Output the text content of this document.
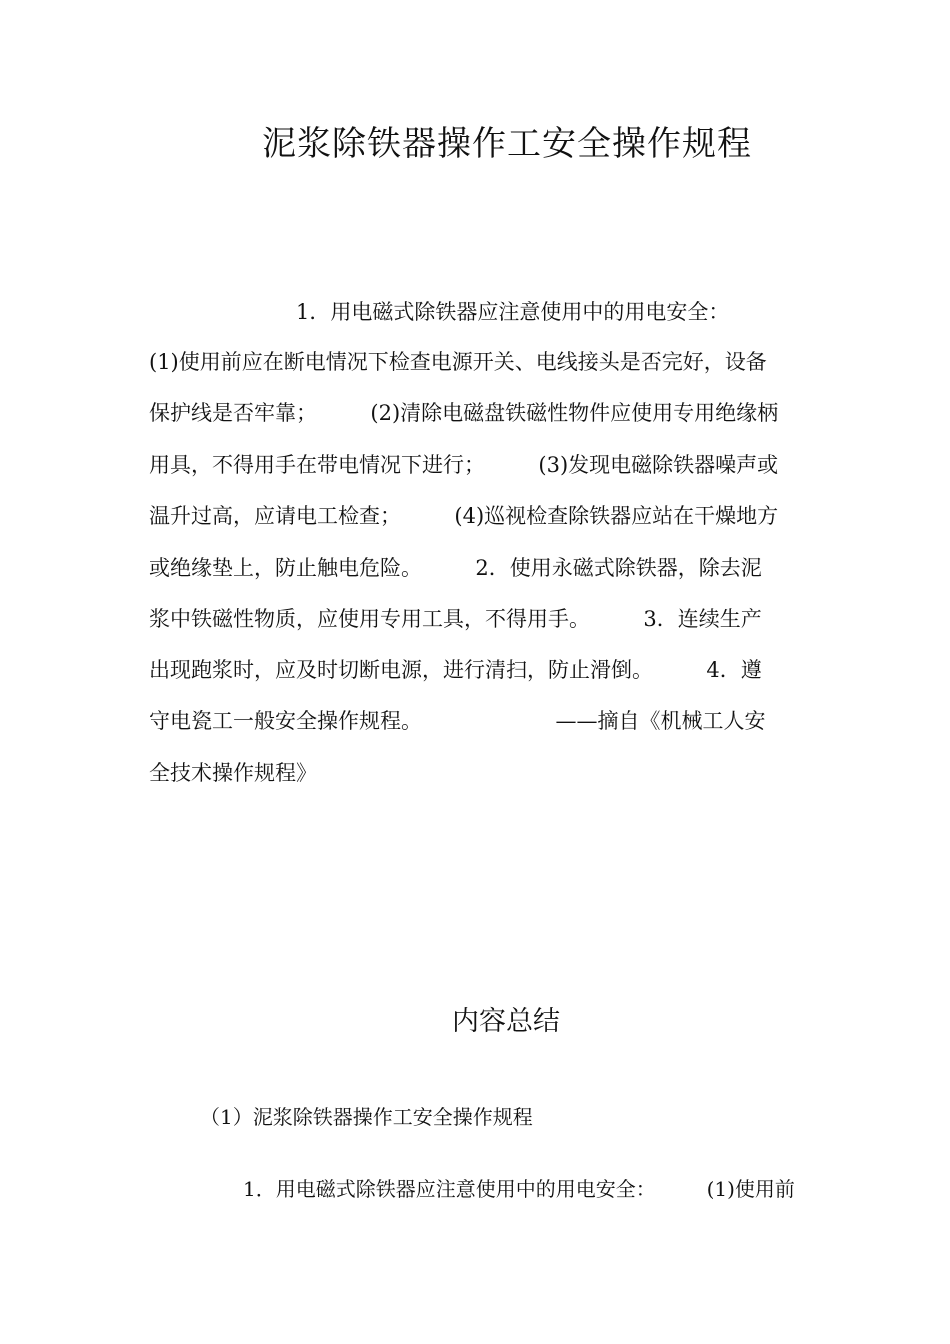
泥浆除铁器操作工安全操作规程
1．用电磁式除铁器应注意使用中的用电安全：
(1)使用前应在断电情况下检查电源开关、电线接头是否完好，设备
保护线是否牢靠；        (2)清除电磁盘铁磁性物件应使用专用绝缘柄
用具，不得用手在带电情况下进行；        (3)发现电磁除铁器噪声或
温升过高，应请电工检查；        (4)巡视检查除铁器应站在干燥地方
或绝缘垫上，防止触电危险。        2．使用永磁式除铁器，除去泥
浆中铁磁性物质，应使用专用工具，不得用手。        3．连续生产
出现跑浆时，应及时切断电源，进行清扫，防止滑倒。        4．遵
守电瓷工一般安全操作规程。                    ——摘自《机械工人安
全技术操作规程》
内容总结
（1）泥浆除铁器操作工安全操作规程
1．用电磁式除铁器应注意使用中的用电安全：        (1)使用前
